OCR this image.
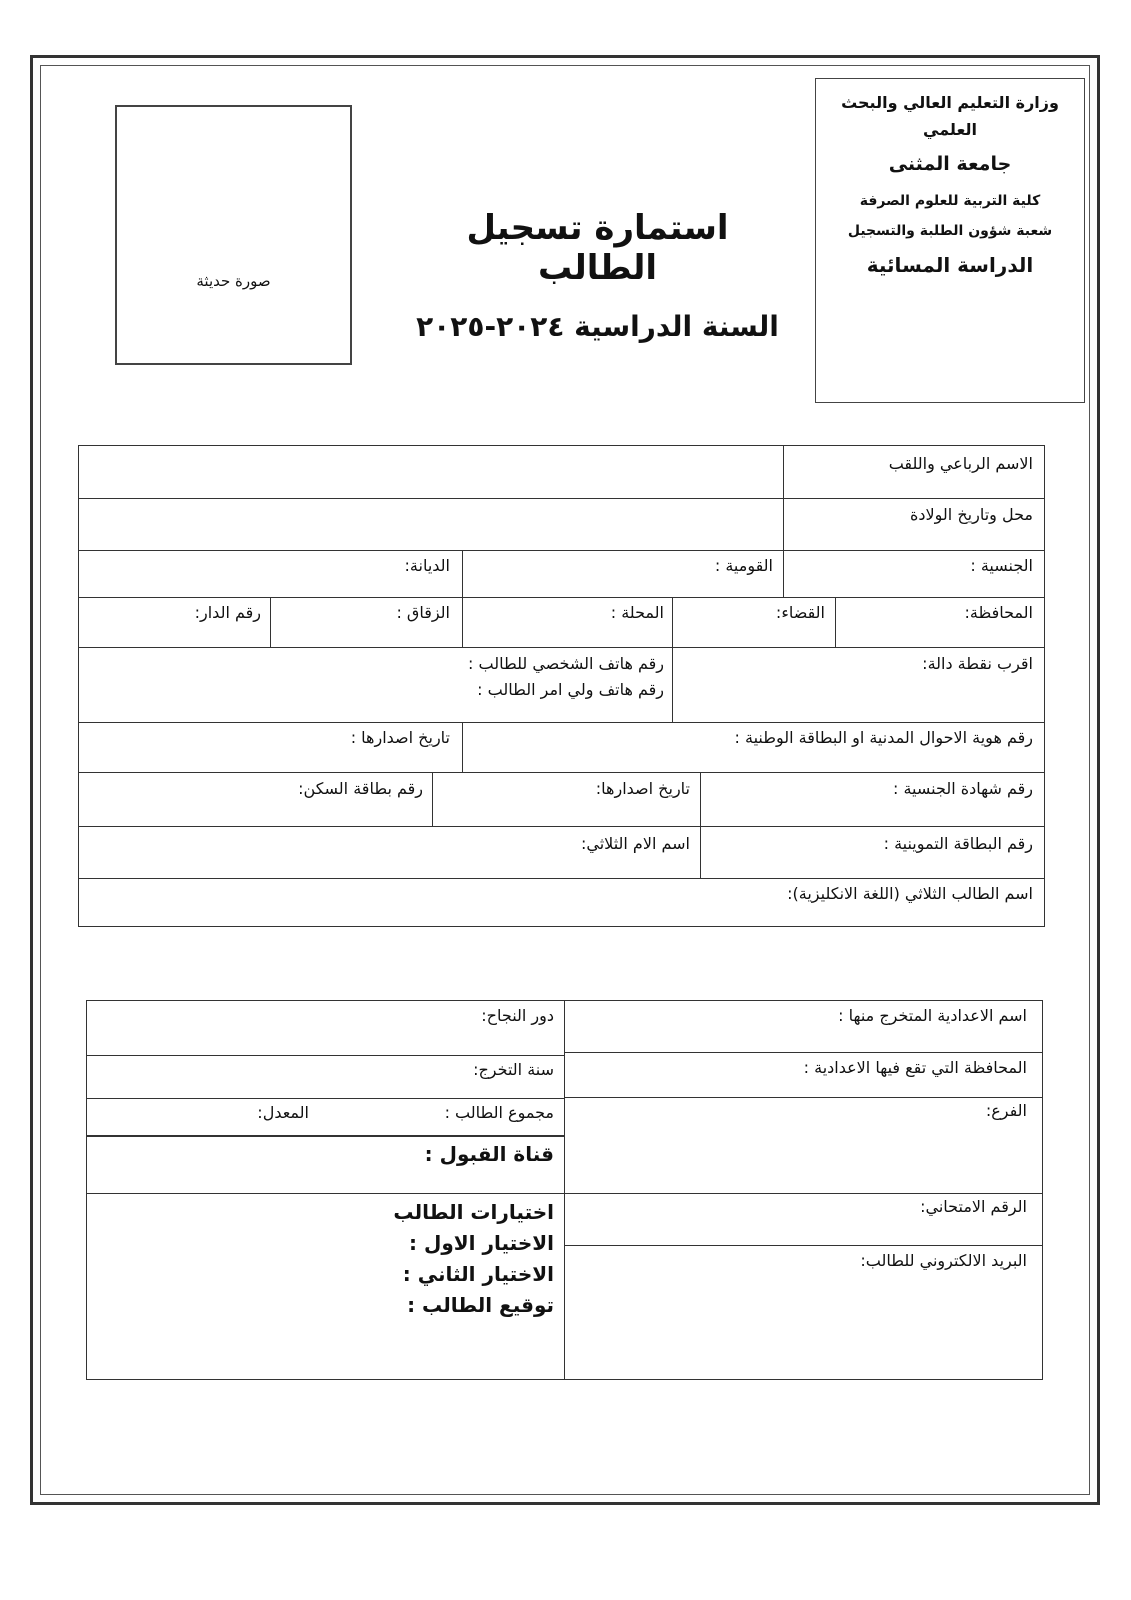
وزارة التعليم العالي والبحث
العلمي
جامعة المثنى
كلية التربية للعلوم الصرفة
شعبة شؤون الطلبة والتسجيل
الدراسة المسائية
استمارة تسجيل الطالب
السنة الدراسية ٢٠٢٤-٢٠٢٥
صورة حديثة
الاسم الرباعي واللقب
محل وتاريخ الولادة
الجنسية :
القومية :
الديانة:
المحافظة:
القضاء:
المحلة :
الزقاق :
رقم الدار:
اقرب نقطة دالة:
رقم هاتف الشخصي للطالب :
رقم هاتف ولي امر الطالب :
رقم هوية الاحوال المدنية او البطاقة الوطنية :
تاريخ اصدارها :
رقم شهادة الجنسية :
تاريخ اصدارها:
رقم بطاقة السكن:
رقم البطاقة التموينية :
اسم الام الثلاثي:
اسم الطالب الثلاثي (اللغة الانكليزية):
اسم الاعدادية المتخرج منها :
دور النجاح:
المحافظة التي تقع فيها الاعدادية :
سنة التخرج:
الفرع:
مجموع الطالب :
المعدل:
قناة القبول :
الرقم الامتحاني:
اختيارات الطالب
الاختيار الاول :
الاختيار الثاني :
توقيع الطالب :
البريد الالكتروني للطالب:
